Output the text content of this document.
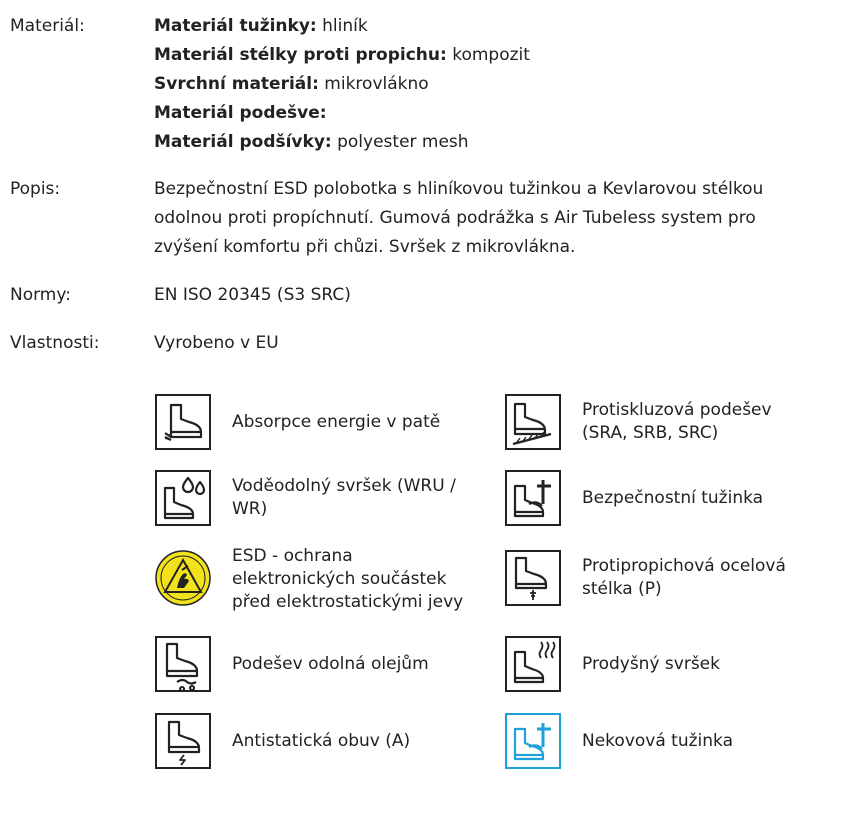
Materiál:	Materiál tužinky: hliník
Materiál stélky proti propichu: kompozit
Svrchní materiál: mikrovlákno
Materiál podešve:
Materiál podšívky: polyester mesh
Popis:	Bezpečnostní ESD polobotka s hliníkovou tužinkou a Kevlarovou stélkou
odolnou proti propíchnutí. Gumová podrážka s Air Tubeless system pro
zvýšení komfortu při chůzi. Svršek z mikrovlákna.
Normy:	EN ISO 20345 (S3 SRC)
Vlastnosti:	Vyrobeno v EU
Absorpce energie v patě
Voděodolný svršek (WRU /
WR)
ESD - ochrana
elektronických součástek
před elektrostatickými jevy
Podešev odolná olejům
Antistatická obuv (A)
Protiskluzová podešev
(SRA, SRB, SRC)
Bezpečnostní tužinka
Protipropichová ocelová
stélka (P)
Prodyšný svršek
Nekovová tužinka
